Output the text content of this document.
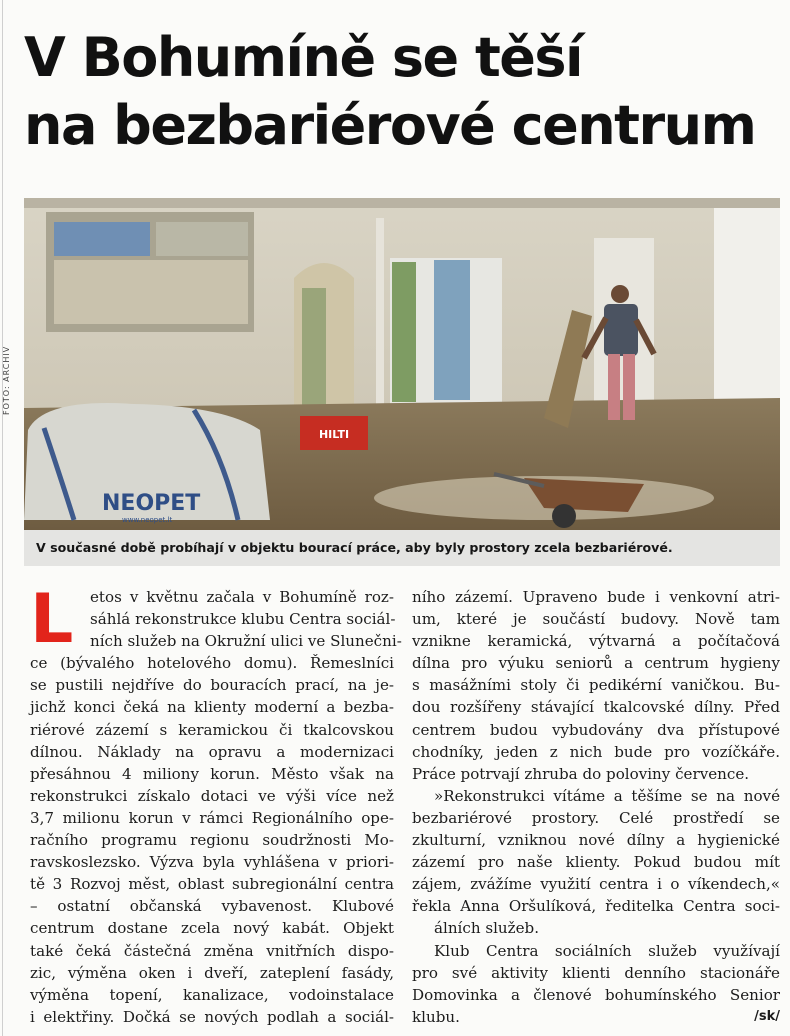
V Bohumíně se těší
na bezbariérové centrum
FOTO: ARCHIV
HILTI
NEOPET
www.neopet.lt
V současné době probíhají v objektu bourací práce, aby byly prostory zcela bezbariérové.
L	etos v květnu začala v Bohumíně roz-
sáhlá rekonstrukce klubu Centra sociál-
ních služeb na Okružní ulici ve Slunečni-
ce (bývalého hotelového domu). Řemeslníci
se pustili nejdříve do bouracích prací, na je-
jichž konci čeká na klienty moderní a bezba-
riérové zázemí s keramickou či tkalcovskou
dílnou. Náklady na opravu a modernizaci
přesáhnou 4 miliony korun. Město však na
rekonstrukci získalo dotaci ve výši více než
3,7 milionu korun v rámci Regionálního ope-
račního programu regionu soudržnosti Mo-
ravskoslezsko. Výzva byla vyhlášena v priori-
tě 3 Rozvoj měst, oblast subregionální centra
– ostatní občanská vybavenost. Klubové
centrum dostane zcela nový kabát. Objekt
také čeká částečná změna vnitřních dispo-
zic, výměna oken i dveří, zateplení fasády,
výměna topení, kanalizace, vodoinstalace
i elektřiny. Dočká se nových podlah a sociál-
ního zázemí. Upraveno bude i venkovní atri-
um, které je součástí budovy. Nově tam
vznikne keramická, výtvarná a počítačová
dílna pro výuku seniorů a centrum hygieny
s masážními stoly či pedikérní vaničkou. Bu-
dou rozšířeny stávající tkalcovské dílny. Před
centrem budou vybudovány dva přístupové
chodníky, jeden z nich bude pro vozíčkáře.
Práce potrvají zhruba do poloviny července.
»Rekonstrukci vítáme a těšíme se na nové
bezbariérové prostory. Celé prostředí se
zkulturní, vzniknou nové dílny a hygienické
zázemí pro naše klienty. Pokud budou mít
zájem, zvážíme využití centra i o víkendech,«
řekla Anna Oršulíková, ředitelka Centra soci-
álních služeb.
Klub Centra sociálních služeb využívají
pro své aktivity klienti denního stacionáře
Domovinka a členové bohumínského Senior
klubu.	/sk/
